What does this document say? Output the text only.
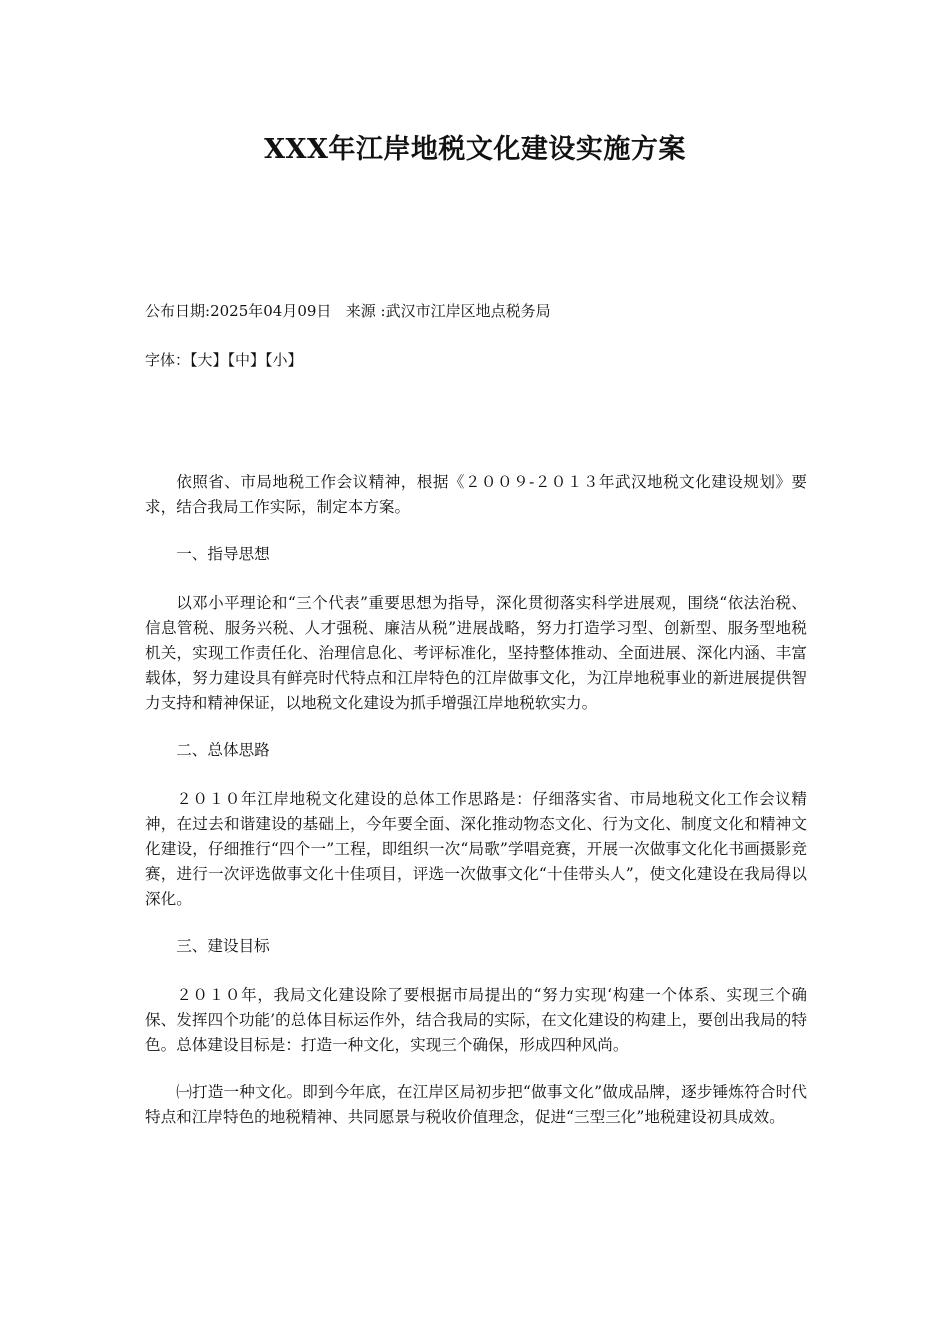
XXX年江岸地税文化建设实施方案
公布日期:2025年04月09日 来源 :武汉市江岸区地点税务局
字体：【大】【中】【小】

依照省、市局地税工作会议精神，根据《２００９-２０１３年武汉地税文化建设规划》要求，结合我局工作实际，制定本方案。

一、指导思想

以邓小平理论和“三个代表”重要思想为指导，深化贯彻落实科学进展观，围绕“依法治税、信息管税、服务兴税、人才强税、廉洁从税”进展战略，努力打造学习型、创新型、服务型地税机关，实现工作责任化、治理信息化、考评标准化，坚持整体推动、全面进展、深化内涵、丰富载体，努力建设具有鲜亮时代特点和江岸特色的江岸做事文化，为江岸地税事业的新进展提供智力支持和精神保证，以地税文化建设为抓手增强江岸地税软实力。

二、总体思路

２０１０年江岸地税文化建设的总体工作思路是：仔细落实省、市局地税文化工作会议精神，在过去和谐建设的基础上，今年要全面、深化推动物态文化、行为文化、制度文化和精神文化建设，仔细推行“四个一”工程，即组织一次“局歌”学唱竞赛，开展一次做事文化化书画摄影竞赛，进行一次评选做事文化十佳项目，评选一次做事文化“十佳带头人”，使文化建设在我局得以深化。

三、建设目标

２０１０年，我局文化建设除了要根据市局提出的“努力实现‘构建一个体系、实现三个确保、发挥四个功能’的总体目标运作外，结合我局的实际，在文化建设的构建上，要创出我局的特色。总体建设目标是：打造一种文化，实现三个确保，形成四种风尚。

㈠打造一种文化。即到今年底，在江岸区局初步把“做事文化”做成品牌，逐步锤炼符合时代特点和江岸特色的地税精神、共同愿景与税收价值理念，促进“三型三化”地税建设初具成效。
